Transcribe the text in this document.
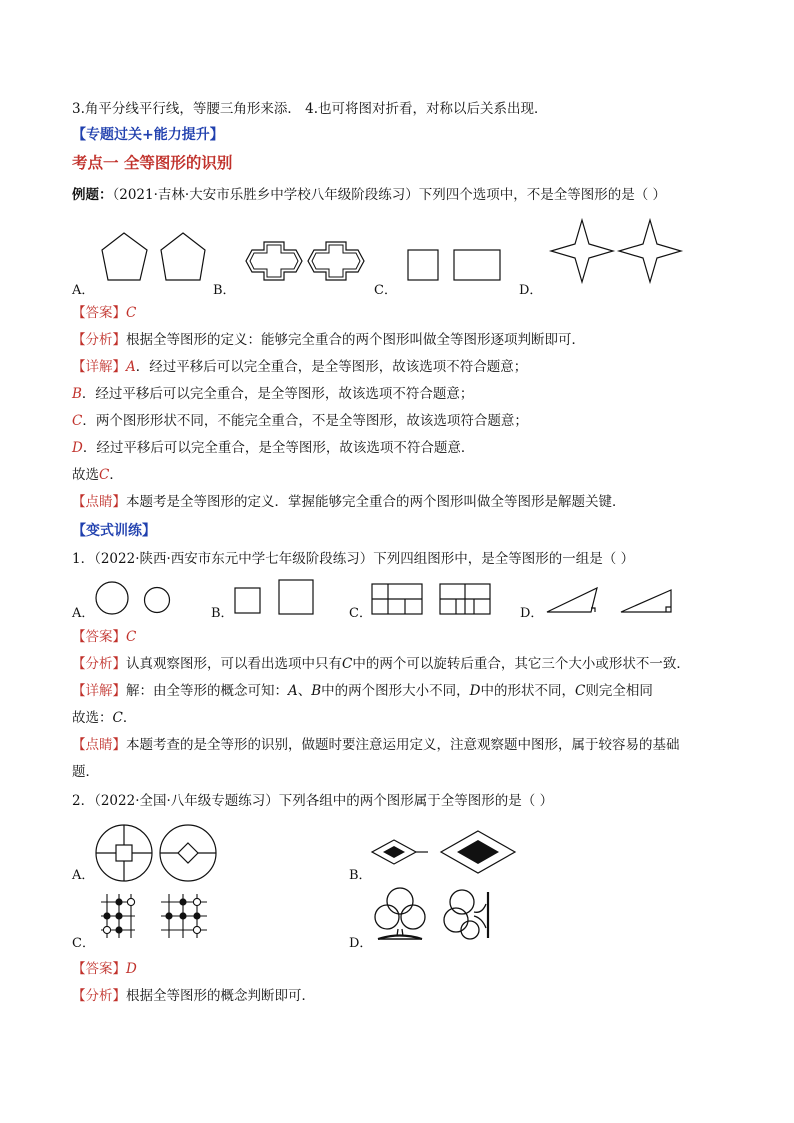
3.角平分线平行线，等腰三角形来添． 4.也可将图对折看，对称以后关系出现．
【专题过关+能力提升】
考点一 全等图形的识别
例题：（2021·吉林·大安市乐胜乡中学校八年级阶段练习）下列四个选项中，不是全等图形的是（ ）
A．	B．	C．	D．
【答案】C
【分析】根据全等图形的定义：能够完全重合的两个图形叫做全等图形逐项判断即可．
【详解】A．经过平移后可以完全重合，是全等图形，故该选项不符合题意；
B．经过平移后可以完全重合，是全等图形，故该选项不符合题意；
C．两个图形形状不同，不能完全重合，不是全等图形，故该选项符合题意；
D．经过平移后可以完全重合，是全等图形，故该选项不符合题意．
故选C．
【点睛】本题考是全等图形的定义．掌握能够完全重合的两个图形叫做全等图形是解题关键．
【变式训练】
1．（2022·陕西·西安市东元中学七年级阶段练习）下列四组图形中，是全等图形的一组是（ ）
A．	B．	C．	D．
【答案】C
【分析】认真观察图形，可以看出选项中只有C中的两个可以旋转后重合，其它三个大小或形状不一致．
【详解】解：由全等形的概念可知：A、B中的两个图形大小不同，D中的形状不同，C则完全相同
故选：C．
【点睛】本题考查的是全等形的识别，做题时要注意运用定义，注意观察题中图形，属于较容易的基础
题．
2．（2022·全国·八年级专题练习）下列各组中的两个图形属于全等图形的是（ ）
A．	B．
C．	D．
【答案】D
【分析】根据全等图形的概念判断即可．
